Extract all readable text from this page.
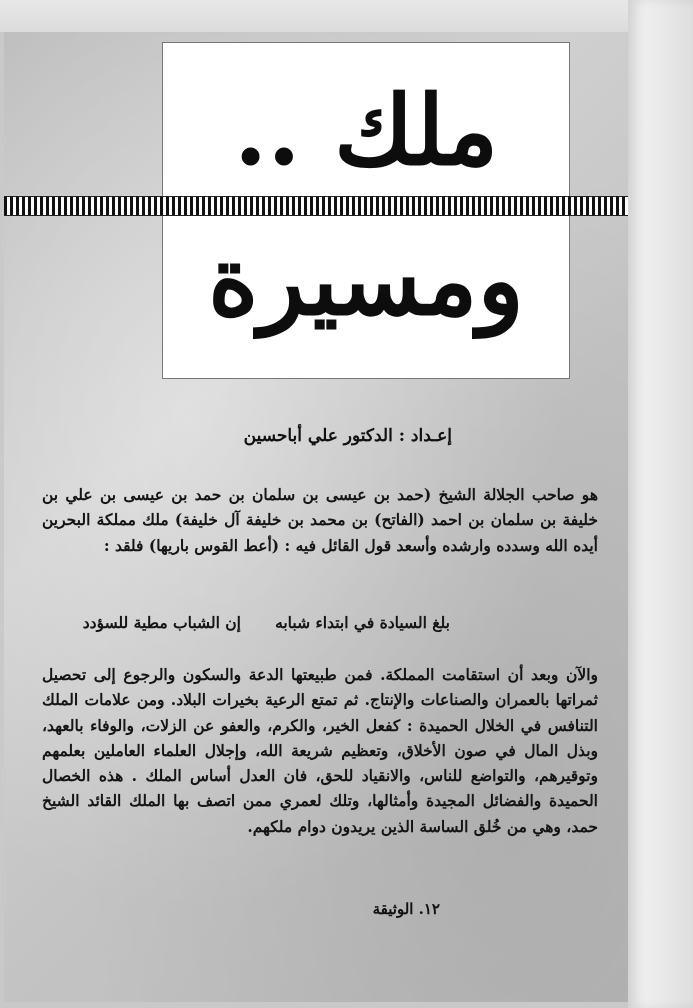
ملك ..
ومسيرة
إعـداد : الدكتور علي أباحسين
هو صاحب الجلالة الشيخ (حمد بن عيسى بن سلمان بن حمد بن عيسى بن علي بن خليفة بن سلمان بن احمد (الفاتح) بن محمد بن خليفة آل خليفة) ملك مملكة البحرين أيده الله وسدده وارشده وأسعد قول القائل فيه : (أعط القوس باريها) فلقد :
بلغ السيادة في ابتداء شبابه
إن الشباب مطية للسؤدد
والآن وبعد أن استقامت المملكة. فمن طبيعتها الدعة والسكون والرجوع إلى تحصيل ثمراتها بالعمران والصناعات والإنتاج. ثم تمتع الرعية بخيرات البلاد. ومن علامات الملك التنافس في الخلال الحميدة : كفعل الخير، والكرم، والعفو عن الزلات، والوفاء بالعهد، وبذل المال في صون الأخلاق، وتعظيم شريعة الله، وإجلال العلماء العاملين بعلمهم وتوقيرهم، والتواضع للناس، والانقياد للحق، فان العدل أساس الملك . هذه الخصال الحميدة والفضائل المجيدة وأمثالها، وتلك لعمري ممن اتصف بها الملك القائد الشيخ حمد، وهي من خُلق الساسة الذين يريدون دوام ملكهم.
١٢. الوثيقة
